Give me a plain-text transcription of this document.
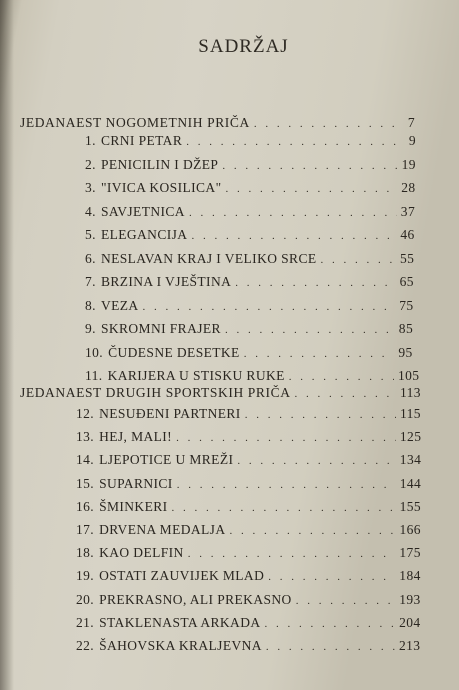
SADRŽAJ
JEDANAEST NOGOMETNIH PRIČA . . .	7
1. CRNI PETAR . . .	9
2. PENICILIN I DŽEP . . .	19
3. "IVICA KOSILICA" . . .	28
4. SAVJETNICA . . .	37
5. ELEGANCIJA . . .	46
6. NESLAVAN KRAJ I VELIKO SRCE . . .	55
7. BRZINA I VJEŠTINA . . .	65
8. VEZA . . .	75
9. SKROMNI FRAJER . . .	85
10. ČUDESNE DESETKE . . .	95
11. KARIJERA U STISKU RUKE . . .	105
JEDANAEST DRUGIH SPORTSKIH PRIČA . . .	113
12. NESUĐENI PARTNERI . . .	115
13. HEJ, MALI! . . .	125
14. LJEPOTICE U MREŽI . . .	134
15. SUPARNICI . . .	144
16. ŠMINKERI . . .	155
17. DRVENA MEDALJA . . .	166
18. KAO DELFIN . . .	175
19. OSTATI ZAUVIJEK MLAD . . .	184
20. PREKRASNO, ALI PREKASNO . . .	193
21. STAKLENASTA ARKADA . . .	204
22. ŠAHOVSKA KRALJEVNA . . .	213
